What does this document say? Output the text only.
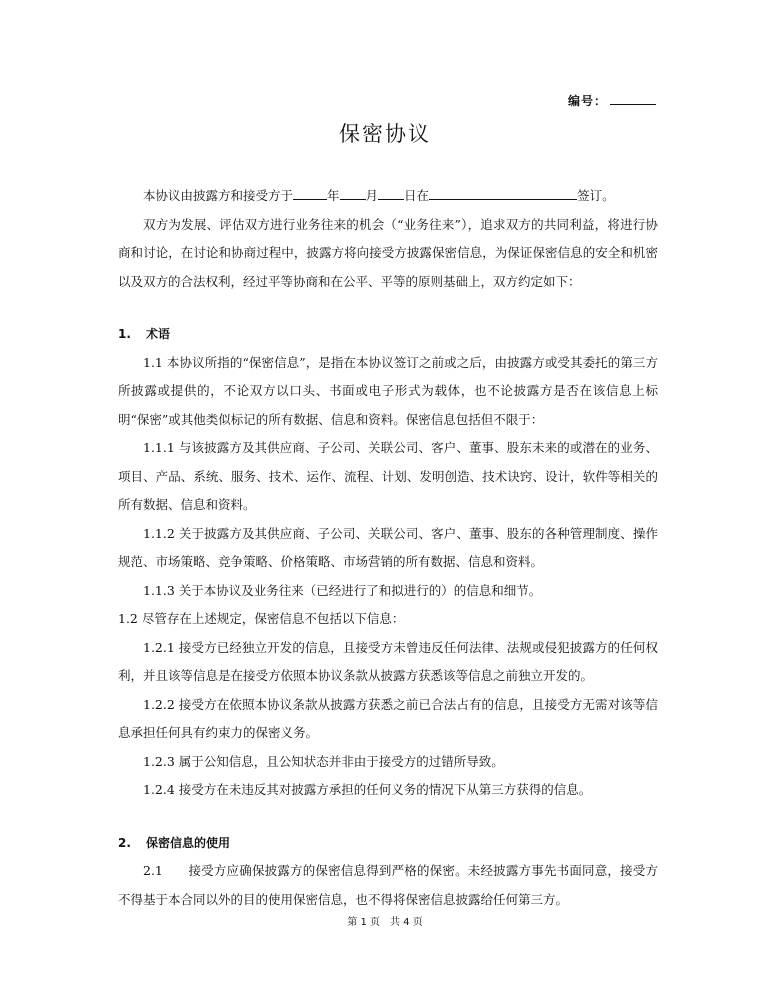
编号：
保密协议

本协议由披露方和接受方于	年 月 日在	签订。

双方为发展、评估双方进行业务往来的机会（“业务往来”），追求双方的共同利益，将进行协商和讨论，在讨论和协商过程中，披露方将向接受方披露保密信息，为保证保密信息的安全和机密以及双方的合法权利，经过平等协商和在公平、平等的原则基础上，双方约定如下：

1. 术语

1.1 本协议所指的“保密信息”，是指在本协议签订之前或之后，由披露方或受其委托的第三方所披露或提供的，不论双方以口头、书面或电子形式为载体，也不论披露方是否在该信息上标明“保密”或其他类似标记的所有数据、信息和资料。保密信息包括但不限于：

1.1.1 与该披露方及其供应商、子公司、关联公司、客户、董事、股东未来的或潜在的业务、项目、产品、系统、服务、技术、运作、流程、计划、发明创造、技术诀窍、设计，软件等相关的所有数据、信息和资料。

1.1.2 关于披露方及其供应商、子公司、关联公司、客户、董事、股东的各种管理制度、操作规范、市场策略、竞争策略、价格策略、市场营销的所有数据、信息和资料。

1.1.3 关于本协议及业务往来（已经进行了和拟进行的）的信息和细节。

1.2 尽管存在上述规定，保密信息不包括以下信息：

1.2.1 接受方已经独立开发的信息，且接受方未曾违反任何法律、法规或侵犯披露方的任何权利，并且该等信息是在接受方依照本协议条款从披露方获悉该等信息之前独立开发的。

1.2.2 接受方在依照本协议条款从披露方获悉之前已合法占有的信息，且接受方无需对该等信息承担任何具有约束力的保密义务。

1.2.3 属于公知信息，且公知状态并非由于接受方的过错所导致。

1.2.4 接受方在未违反其对披露方承担的任何义务的情况下从第三方获得的信息。

2. 保密信息的使用

2.1　　接受方应确保披露方的保密信息得到严格的保密。未经披露方事先书面同意，接受方不得基于本合同以外的目的使用保密信息，也不得将保密信息披露给任何第三方。

第 1 页　共 4 页
